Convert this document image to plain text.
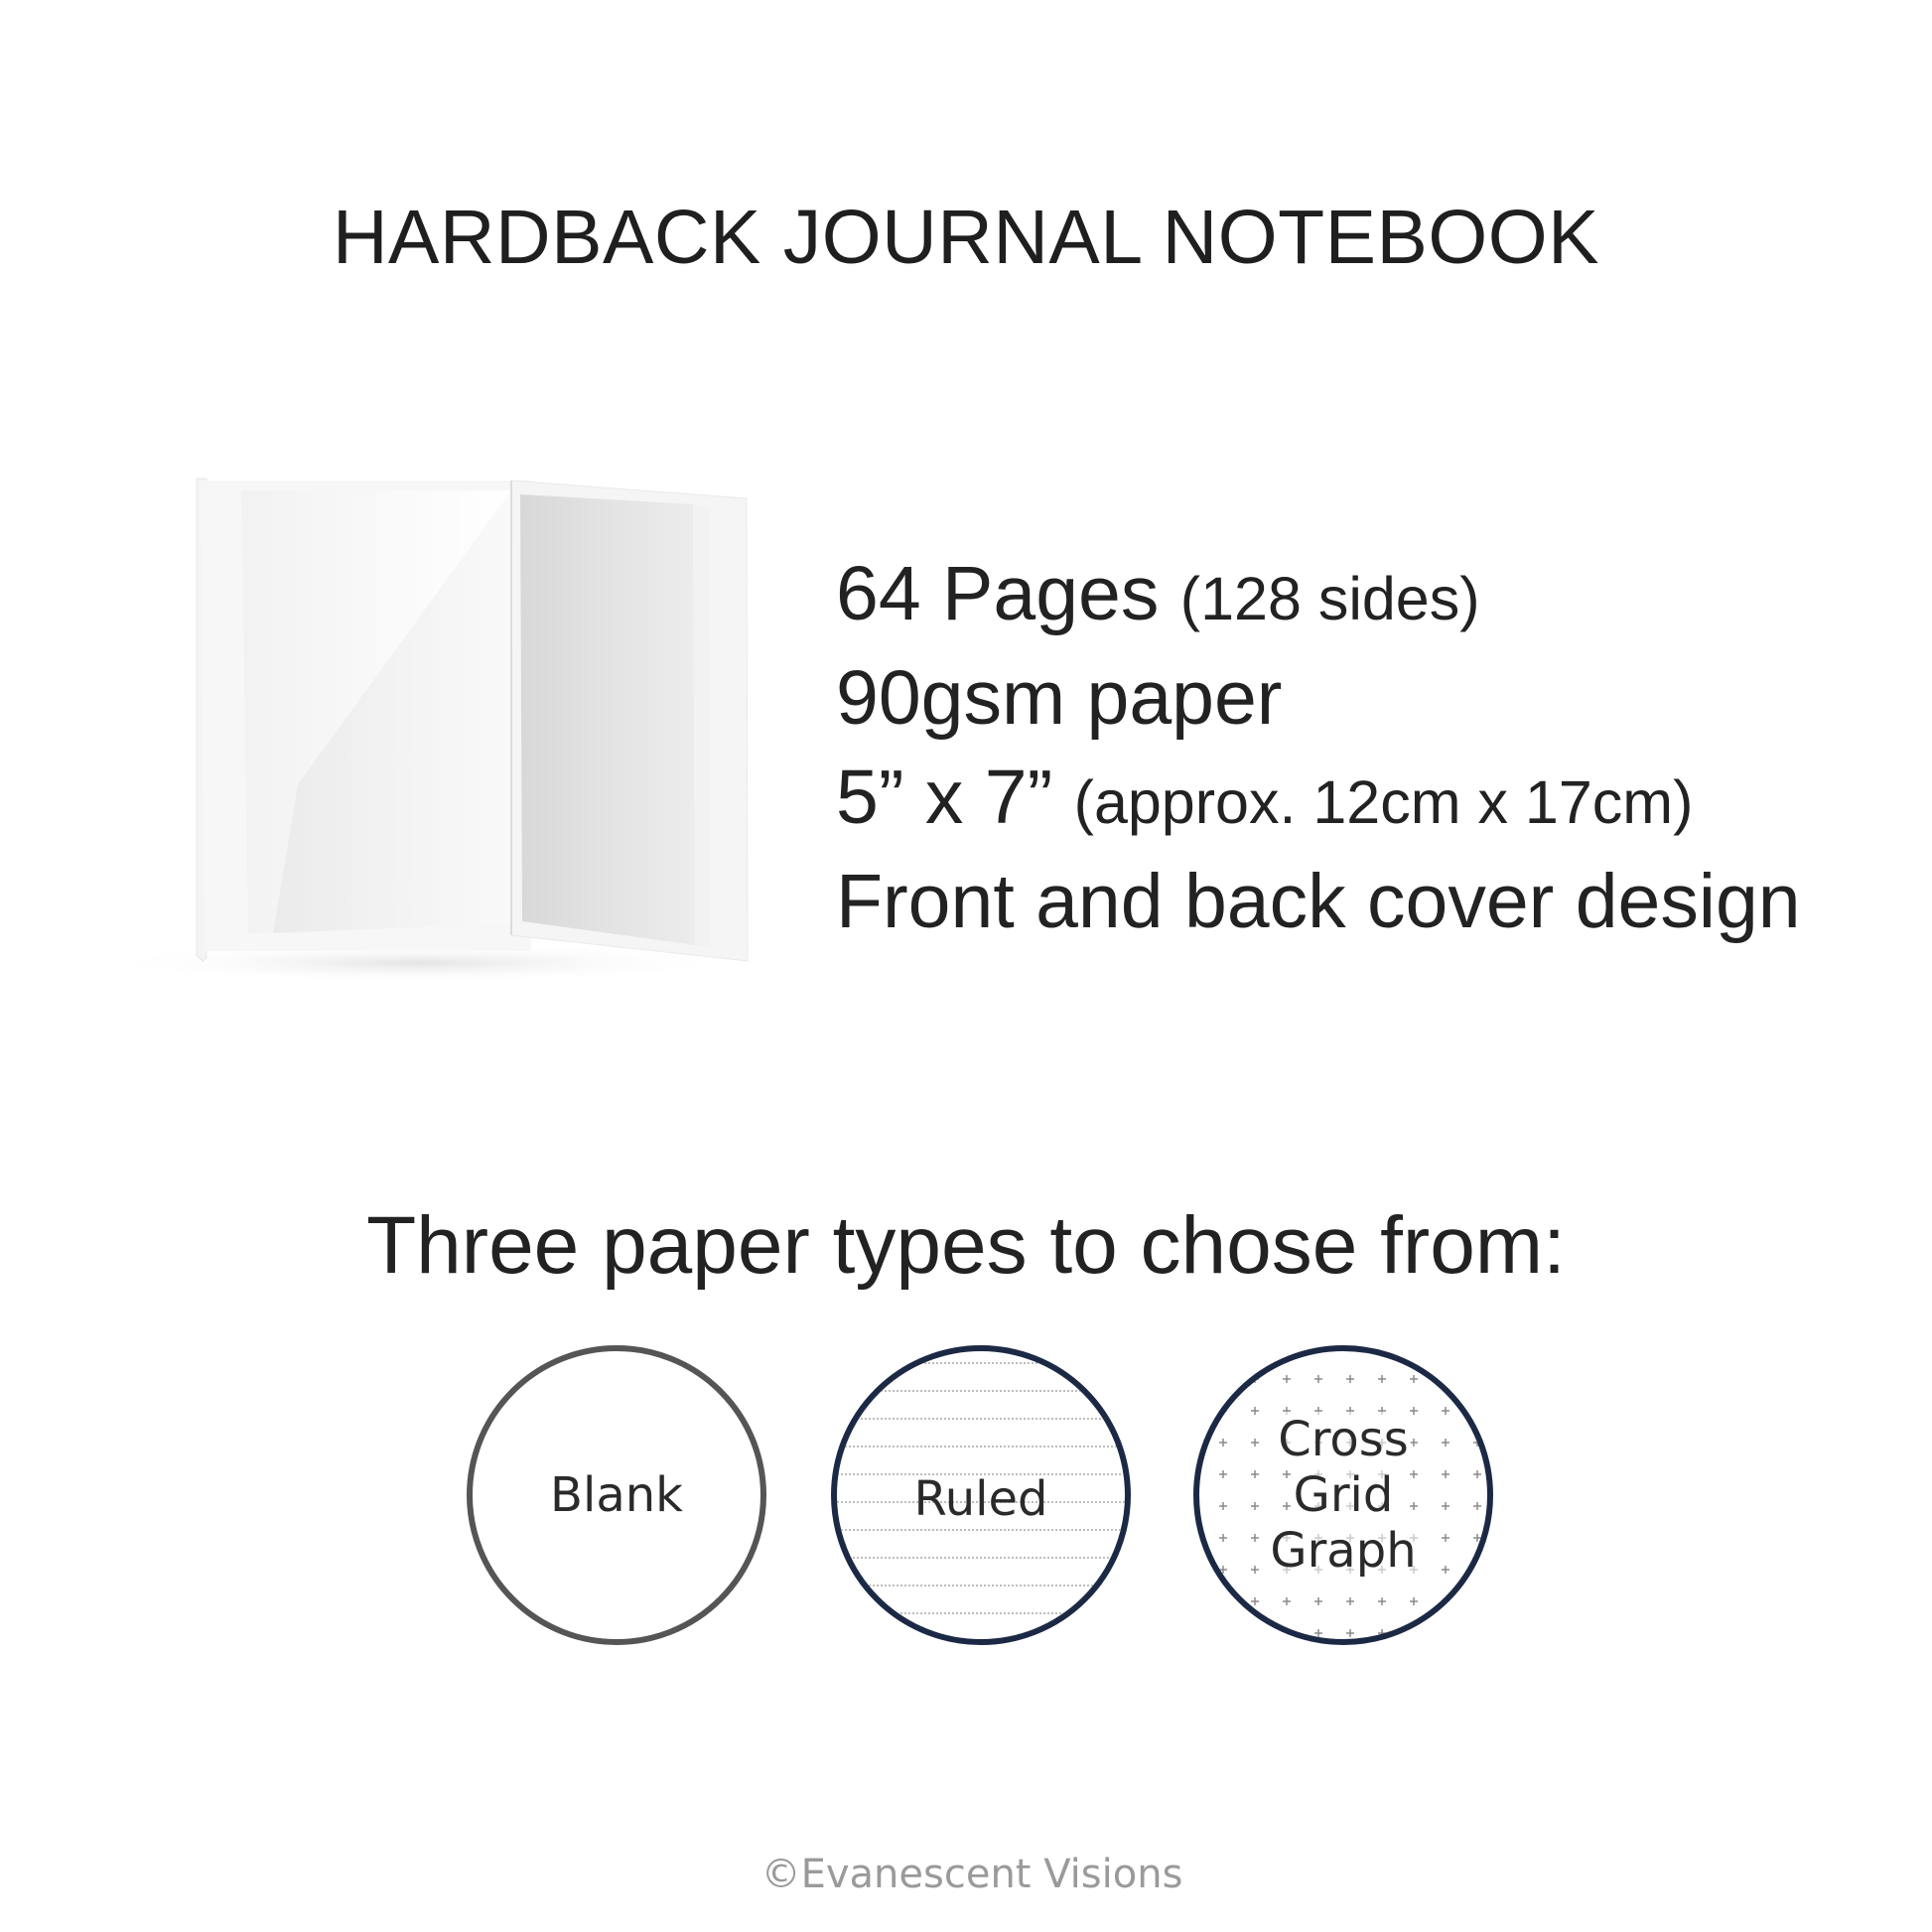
HARDBACK JOURNAL NOTEBOOK
64 Pages (128 sides)
90gsm paper
5” x 7” (approx. 12cm x 17cm)
Front and back cover design
Three paper types to chose from:
Blank	Ruled
Cross
Grid
Graph
©Evanescent Visions
